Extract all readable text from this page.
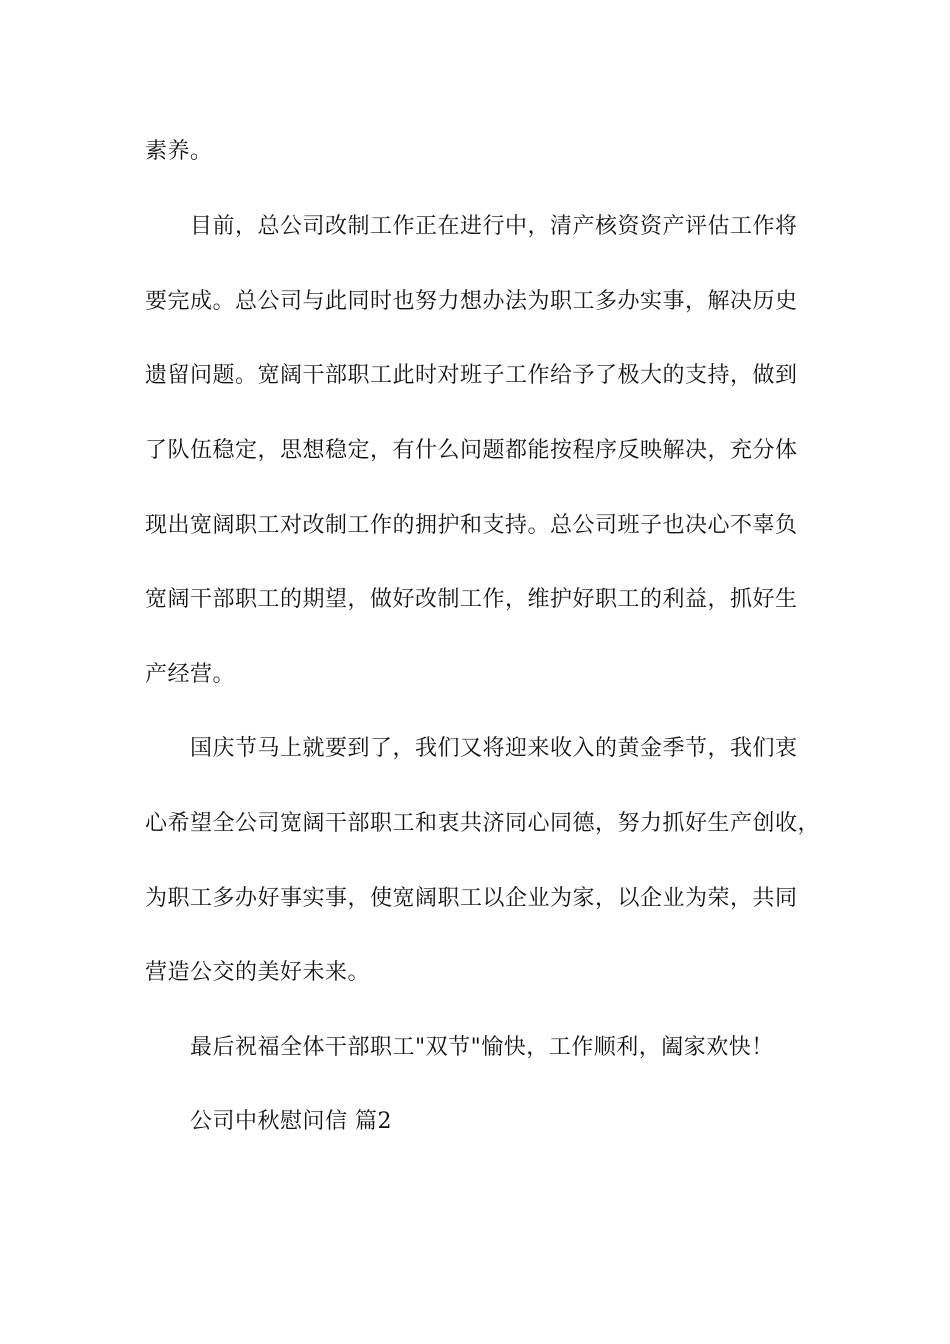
素养。
目前，总公司改制工作正在进行中，清产核资资产评估工作将
要完成。总公司与此同时也努力想办法为职工多办实事，解决历史
遗留问题。宽阔干部职工此时对班子工作给予了极大的支持，做到
了队伍稳定，思想稳定，有什么问题都能按程序反映解决，充分体
现出宽阔职工对改制工作的拥护和支持。总公司班子也决心不辜负
宽阔干部职工的期望，做好改制工作，维护好职工的利益，抓好生
产经营。
国庆节马上就要到了，我们又将迎来收入的黄金季节，我们衷
心希望全公司宽阔干部职工和衷共济同心同德，努力抓好生产创收，
为职工多办好事实事，使宽阔职工以企业为家，以企业为荣，共同
营造公交的美好未来。
最后祝福全体干部职工"双节"愉快，工作顺利，阖家欢快！
公司中秋慰问信 篇2
